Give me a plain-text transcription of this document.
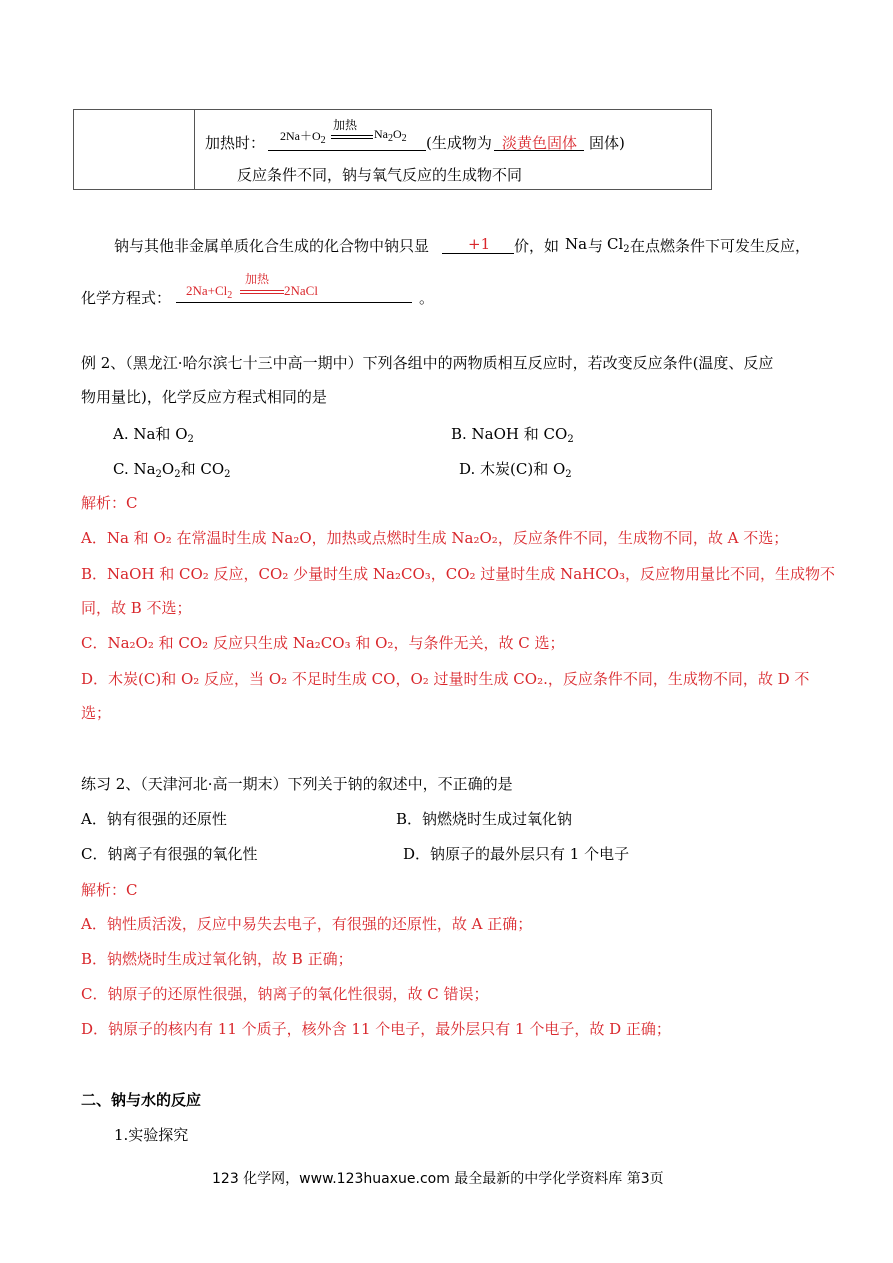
加热时：
加热
$2Na+O_2$	$Na_2O_2$ (生成物为 淡黄色固体 固体)
反应条件不同，钠与氧气反应的生成物不同
钠与其他非金属单质化合生成的化合物中钠只显	+1 价，如 Na 与 $Cl_2$ 在点燃条件下可发生反应，
化学方程式：
加热
$2Na+Cl_2$	2NaCl	。
例 2、（黑龙江·哈尔滨七十三中高一期中）下列各组中的两物质相互反应时，若改变反应条件(温度、反应
物用量比)，化学反应方程式相同的是
A. Na和 $O_2$	B. NaOH 和 $CO_2$
C. $Na_2O_2$和 $CO_2$	D. 木炭(C)和 $O_2$
解析：C
A．Na 和 O₂ 在常温时生成 Na₂O，加热或点燃时生成 Na₂O₂，反应条件不同，生成物不同，故 A 不选；
B．NaOH 和 CO₂ 反应，CO₂ 少量时生成 Na₂CO₃，CO₂ 过量时生成 NaHCO₃，反应物用量比不同，生成物不
同，故 B 不选；
C．Na₂O₂ 和 CO₂ 反应只生成 Na₂CO₃ 和 O₂，与条件无关，故 C 选；
D．木炭(C)和 O₂ 反应，当 O₂ 不足时生成 CO，O₂ 过量时生成 CO₂.，反应条件不同，生成物不同，故 D 不
选；
练习 2、（天津河北·高一期末）下列关于钠的叙述中，不正确的是
A．钠有很强的还原性	B．钠燃烧时生成过氧化钠
C．钠离子有很强的氧化性	D．钠原子的最外层只有 1 个电子
解析：C
A．钠性质活泼，反应中易失去电子，有很强的还原性，故 A 正确；
B．钠燃烧时生成过氧化钠，故 B 正确；
C．钠原子的还原性很强，钠离子的氧化性很弱，故 C 错误；
D．钠原子的核内有 11 个质子，核外含 11 个电子，最外层只有 1 个电子，故 D 正确；
二、钠与水的反应
1.实验探究
123 化学网，www.123huaxue.com 最全最新的中学化学资料库 第3页
